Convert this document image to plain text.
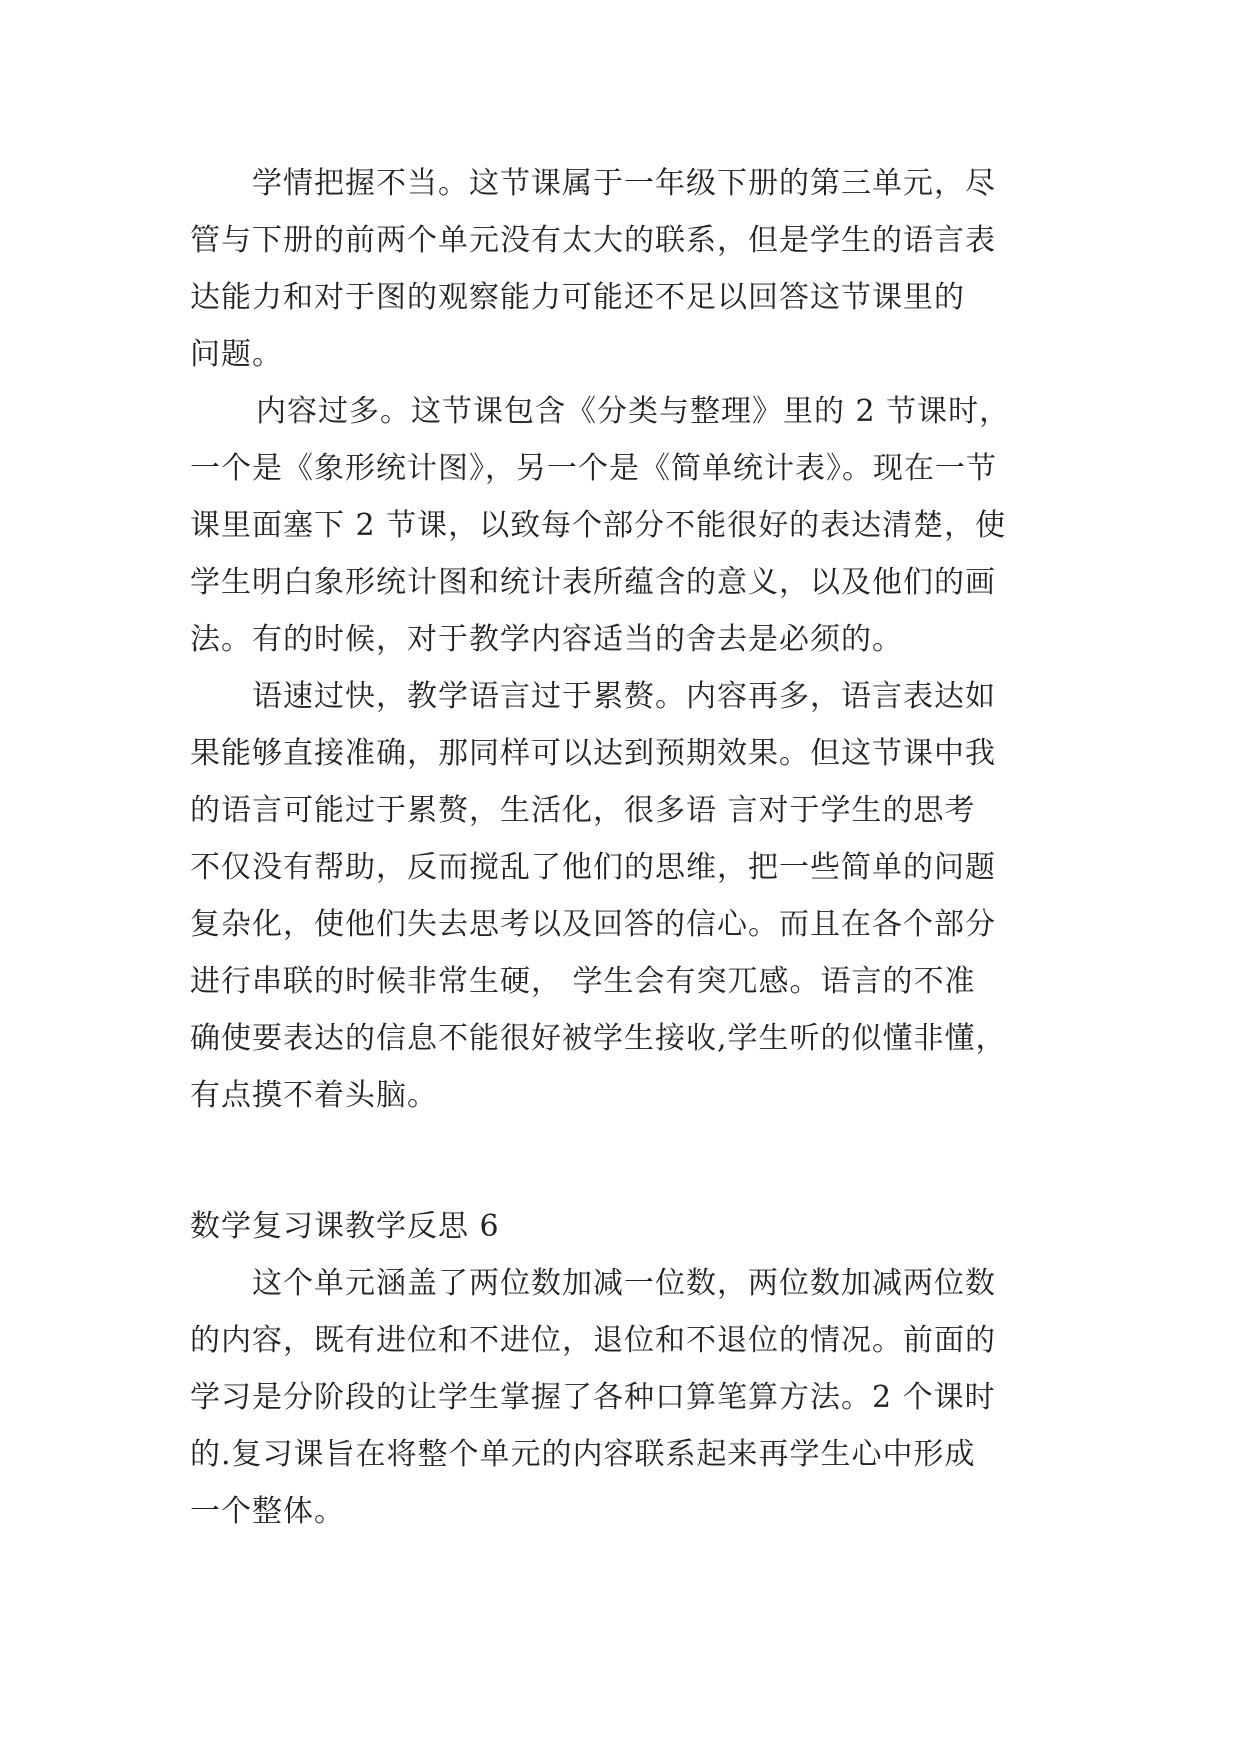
学情把握不当。这节课属于一年级下册的第三单元，尽
管与下册的前两个单元没有太大的联系，但是学生的语言表
达能力和对于图的观察能力可能还不足以回答这节课里的
问题。
内容过多。这节课包含《分类与整理》里的 2 节课时，
一个是《象形统计图》，另一个是《简单统计表》。现在一节
课里面塞下 2 节课，以致每个部分不能很好的表达清楚，使
学生明白象形统计图和统计表所蕴含的意义，以及他们的画
法。有的时候，对于教学内容适当的舍去是必须的。
语速过快，教学语言过于累赘。内容再多，语言表达如
果能够直接准确，那同样可以达到预期效果。但这节课中我
的语言可能过于累赘，生活化，很多语 言对于学生的思考
不仅没有帮助，反而搅乱了他们的思维，把一些简单的问题
复杂化，使他们失去思考以及回答的信心。而且在各个部分
进行串联的时候非常生硬， 学生会有突兀感。语言的不准
确使要表达的信息不能很好被学生接收,学生听的似懂非懂，
有点摸不着头脑。
数学复习课教学反思 6
这个单元涵盖了两位数加减一位数，两位数加减两位数
的内容，既有进位和不进位，退位和不退位的情况。前面的
学习是分阶段的让学生掌握了各种口算笔算方法。2 个课时
的.复习课旨在将整个单元的内容联系起来再学生心中形成
一个整体。
